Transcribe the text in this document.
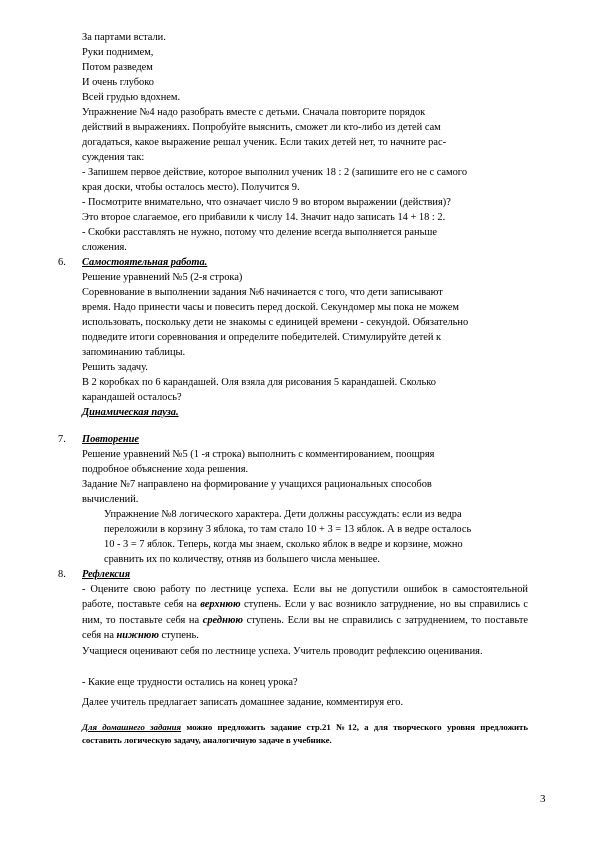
За партами встали.
Руки поднимем,
Потом разведем
И очень глубоко
Всей грудью вдохнем.
Упражнение №4 надо разобрать вместе с детьми. Сначала повторите порядок
действий в выражениях. Попробуйте выяснить, сможет ли кто-либо из детей сам
догадаться, какое выражение решал ученик. Если таких детей нет, то начните рас-
суждения так:
- Запишем первое действие, которое выполнил ученик 18 : 2 (запишите его не с самого
края доски, чтобы осталось место). Получится 9.
- Посмотрите внимательно, что означает число 9 во втором выражении (действия)?
Это второе слагаемое, его прибавили к числу 14. Значит надо записать 14 + 18 : 2.
- Скобки расставлять не нужно, потому что деление всегда выполняется раньше
сложения.
6. Самостоятельная работа.
Решение уравнений №5 (2-я строка)
Соревнование в выполнении задания №6 начинается с того, что дети записывают
время. Надо принести часы и повесить перед доской. Секундомер мы пока не можем
использовать, поскольку дети не знакомы с единицей времени - секундой. Обязательно
подведите итоги соревнования и определите победителей. Стимулируйте детей к
запоминанию таблицы.
Решить задачу.
В 2 коробках по 6 карандашей. Оля взяла для рисования 5 карандашей. Сколько
карандашей осталось?
Динамическая пауза.
7. Повторение
Решение уравнений №5 (1 -я строка) выполнить с комментированием, поощряя
подробное объяснение хода решения.
Задание №7 направлено на формирование у учащихся рациональных способов
вычислений.
Упражнение №8 логического характера. Дети должны рассуждать: если из ведра
переложили в корзину 3 яблока, то там стало 10 + 3 = 13 яблок. А в ведре осталось
10 - 3 = 7 яблок. Теперь, когда мы знаем, сколько яблок в ведре и корзине, можно
сравнить их по количеству, отняв из большего числа меньшее.
8. Рефлексия
- Оцените свою работу по лестнице успеха. Если вы не допустили ошибок в самостоятельной работе, поставьте себя на верхнюю ступень. Если у вас возникло затруднение, но вы справились с ним, то поставьте себя на среднюю ступень. Если вы не справились с затруднением, то поставьте себя на нижнюю ступень.
Учащиеся оценивают себя по лестнице успеха. Учитель проводит рефлексию оценивания.
- Какие еще трудности остались на конец урока?
Далее учитель предлагает записать домашнее задание, комментируя его.
Для домашнего задания можно предложить задание стр.21 №12, а для творческого уровня предложить составить логическую задачу, аналогичную задаче в учебнике.
3
